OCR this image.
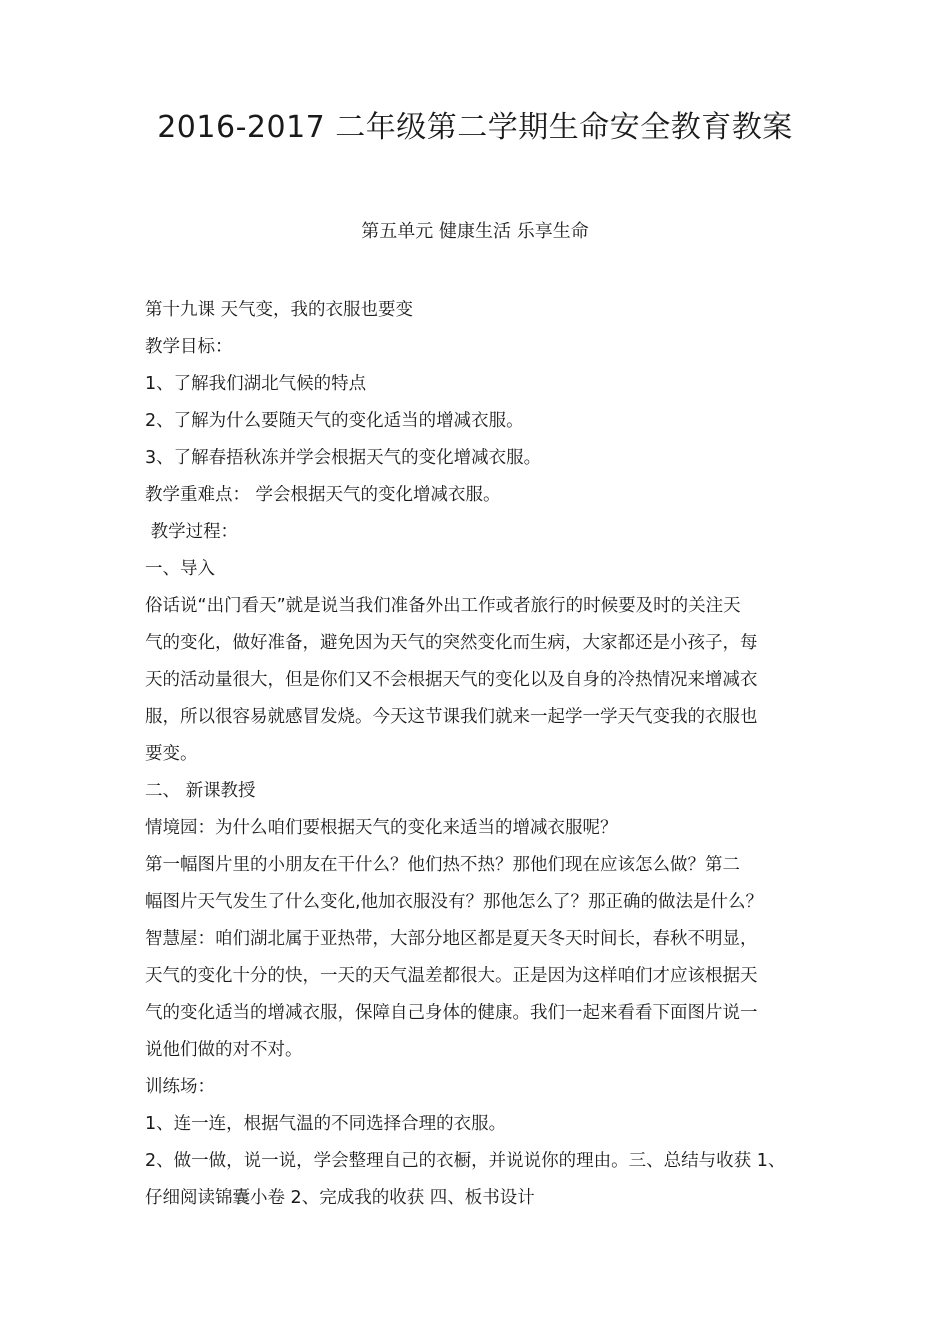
2016-2017 二年级第二学期生命安全教育教案
第五单元 健康生活 乐享生命
第十九课 天气变，我的衣服也要变
教学目标：
1、了解我们湖北气候的特点
2、了解为什么要随天气的变化适当的增减衣服。
3、了解春捂秋冻并学会根据天气的变化增减衣服。
教学重难点： 学会根据天气的变化增减衣服。
教学过程：
一、导入
俗话说“出门看天”就是说当我们准备外出工作或者旅行的时候要及时的关注天
气的变化，做好准备，避免因为天气的突然变化而生病，大家都还是小孩子，每
天的活动量很大，但是你们又不会根据天气的变化以及自身的冷热情况来增减衣
服，所以很容易就感冒发烧。今天这节课我们就来一起学一学天气变我的衣服也
要变。
二、 新课教授
情境园：为什么咱们要根据天气的变化来适当的增减衣服呢？
第一幅图片里的小朋友在干什么？他们热不热？那他们现在应该怎么做？第二
幅图片天气发生了什么变化,他加衣服没有？那他怎么了？那正确的做法是什么？
智慧屋：咱们湖北属于亚热带，大部分地区都是夏天冬天时间长，春秋不明显，
天气的变化十分的快，一天的天气温差都很大。正是因为这样咱们才应该根据天
气的变化适当的增减衣服，保障自己身体的健康。我们一起来看看下面图片说一
说他们做的对不对。
训练场：
1、连一连，根据气温的不同选择合理的衣服。
2、做一做，说一说，学会整理自己的衣橱，并说说你的理由。三、总结与收获 1、
仔细阅读锦囊小卷 2、完成我的收获 四、板书设计
